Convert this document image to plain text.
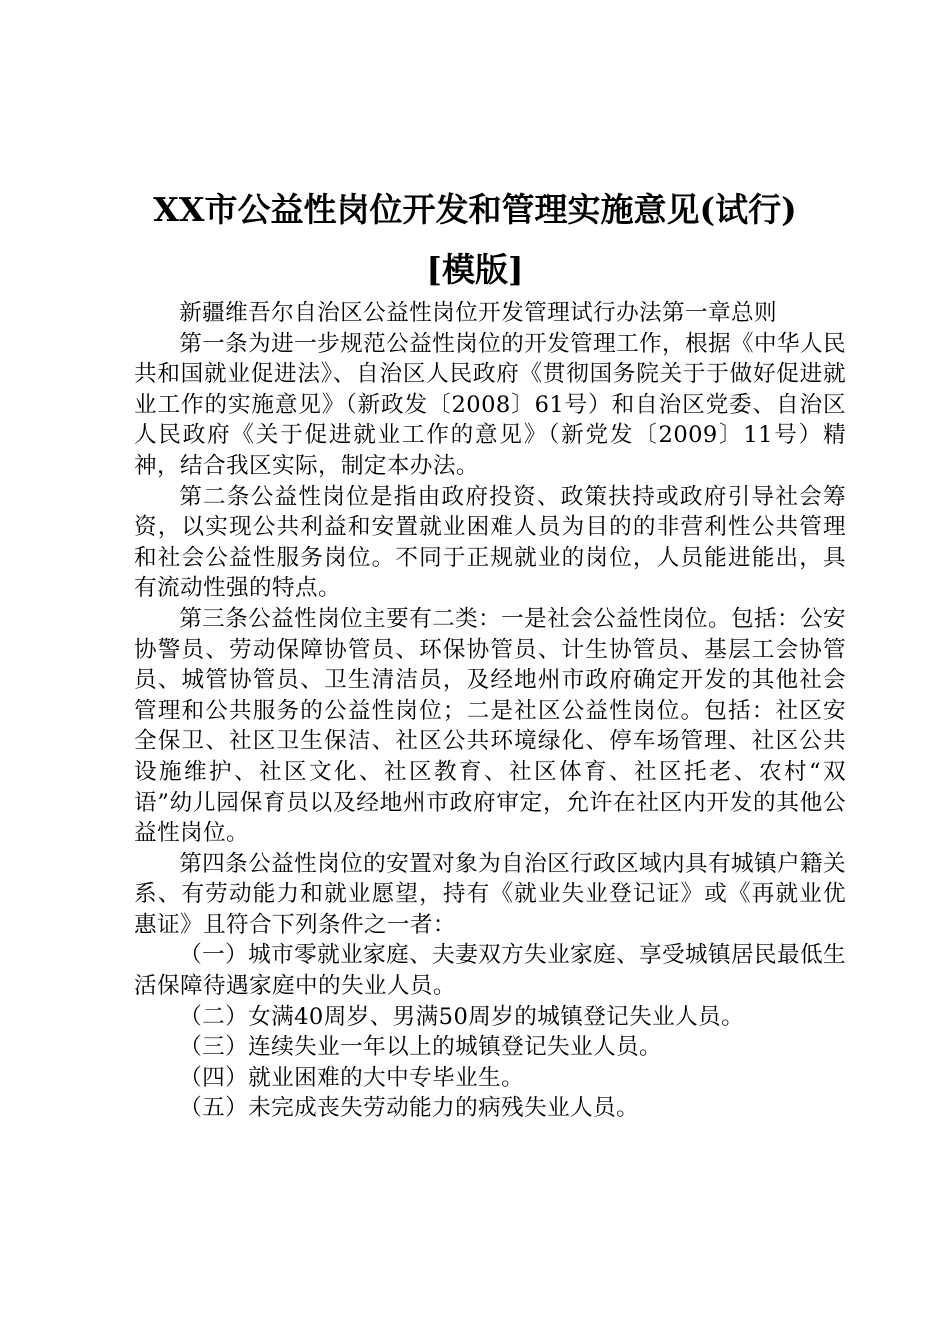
XX市公益性岗位开发和管理实施意见(试行)
[模版]

新疆维吾尔自治区公益性岗位开发管理试行办法第一章总则

第一条为进一步规范公益性岗位的开发管理工作，根据《中华人民共和国就业促进法》、自治区人民政府《贯彻国务院关于于做好促进就业工作的实施意见》（新政发〔2008〕61号）和自治区党委、自治区人民政府《关于促进就业工作的意见》（新党发〔2009〕11号）精神，结合我区实际，制定本办法。

第二条公益性岗位是指由政府投资、政策扶持或政府引导社会筹资，以实现公共利益和安置就业困难人员为目的的非营利性公共管理和社会公益性服务岗位。不同于正规就业的岗位，人员能进能出，具有流动性强的特点。

第三条公益性岗位主要有二类：一是社会公益性岗位。包括：公安协警员、劳动保障协管员、环保协管员、计生协管员、基层工会协管员、城管协管员、卫生清洁员，及经地州市政府确定开发的其他社会管理和公共服务的公益性岗位；二是社区公益性岗位。包括：社区安全保卫、社区卫生保洁、社区公共环境绿化、停车场管理、社区公共设施维护、社区文化、社区教育、社区体育、社区托老、农村“双语”幼儿园保育员以及经地州市政府审定，允许在社区内开发的其他公益性岗位。

第四条公益性岗位的安置对象为自治区行政区域内具有城镇户籍关系、有劳动能力和就业愿望，持有《就业失业登记证》或《再就业优惠证》且符合下列条件之一者：

（一）城市零就业家庭、夫妻双方失业家庭、享受城镇居民最低生活保障待遇家庭中的失业人员。

（二）女满40周岁、男满50周岁的城镇登记失业人员。

（三）连续失业一年以上的城镇登记失业人员。

（四）就业困难的大中专毕业生。

（五）未完成丧失劳动能力的病残失业人员。
